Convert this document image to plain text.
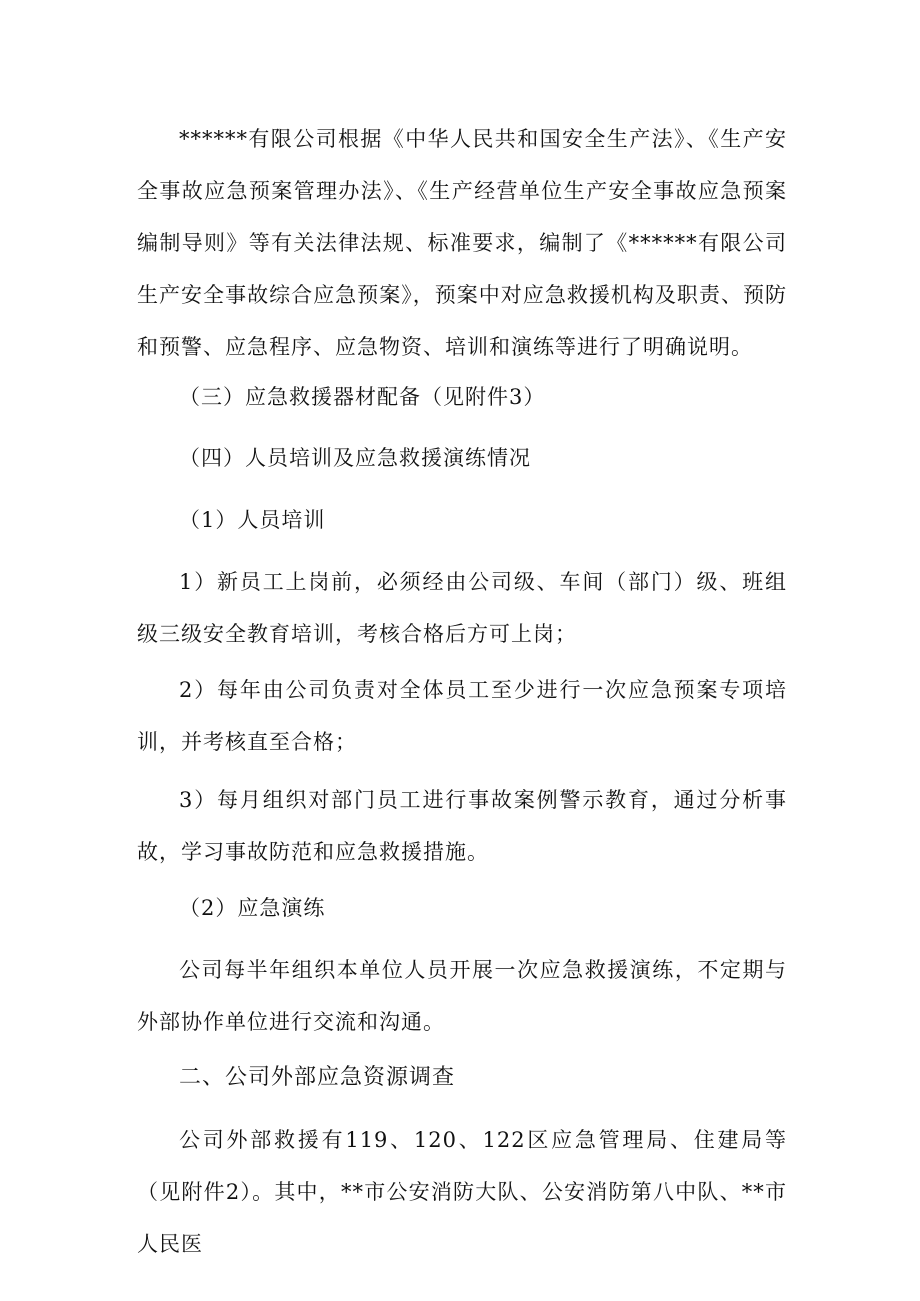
******有限公司根据《中华人民共和国安全生产法》、《生产安全事故应急预案管理办法》、《生产经营单位生产安全事故应急预案编制导则》等有关法律法规、标准要求，编制了《******有限公司生产安全事故综合应急预案》，预案中对应急救援机构及职责、预防和预警、应急程序、应急物资、培训和演练等进行了明确说明。

（三）应急救援器材配备（见附件3）

（四）人员培训及应急救援演练情况

（1）人员培训

1）新员工上岗前，必须经由公司级、车间（部门）级、班组级三级安全教育培训，考核合格后方可上岗；

2）每年由公司负责对全体员工至少进行一次应急预案专项培训，并考核直至合格；

3）每月组织对部门员工进行事故案例警示教育，通过分析事故，学习事故防范和应急救援措施。

（2）应急演练

公司每半年组织本单位人员开展一次应急救援演练，不定期与外部协作单位进行交流和沟通。

二、公司外部应急资源调查

公司外部救援有119、120、122区应急管理局、住建局等（见附件2）。其中，**市公安消防大队、公安消防第八中队、**市人民医
